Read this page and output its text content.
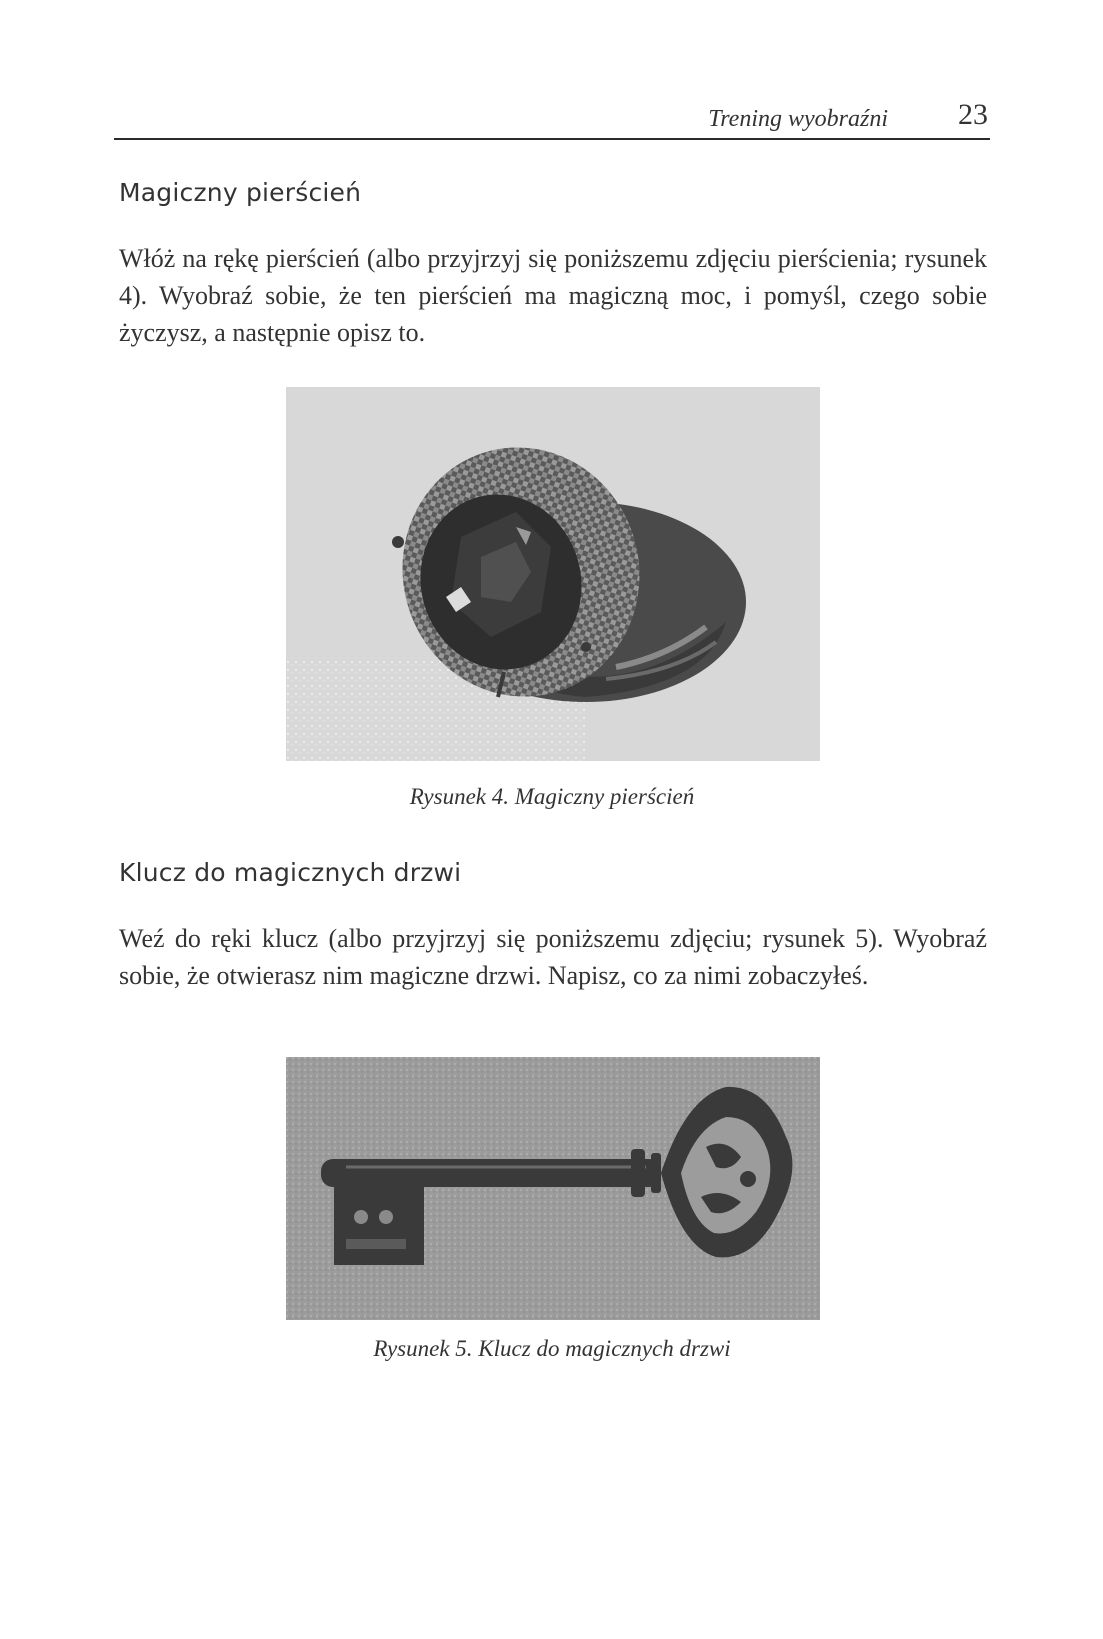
Trening wyobraźni 23
Magiczny pierścień

Włóż na rękę pierścień (albo przyjrzyj się poniższemu zdjęciu pierścienia; rysunek 4). Wyobraź sobie, że ten pierścień ma magiczną moc, i pomyśl, czego sobie życzysz, a następnie opisz to.

Rysunek 4. Magiczny pierścień
Klucz do magicznych drzwi

Weź do ręki klucz (albo przyjrzyj się poniższemu zdjęciu; rysunek 5). Wyobraź sobie, że otwierasz nim magiczne drzwi. Napisz, co za nimi zobaczyłeś.

Rysunek 5. Klucz do magicznych drzwi
